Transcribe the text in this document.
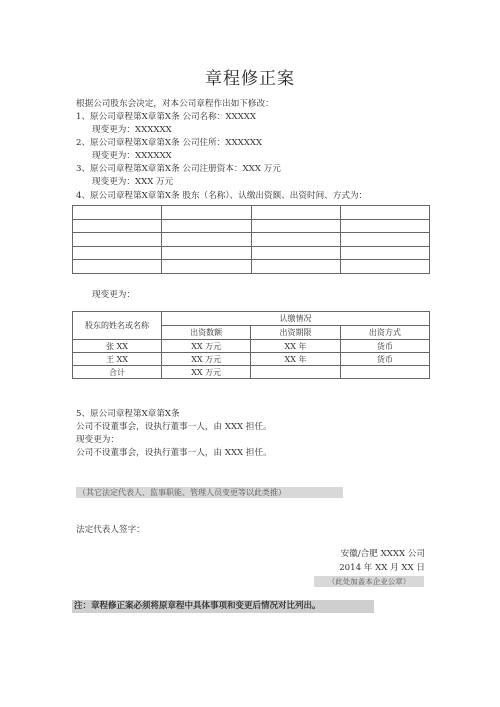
章程修正案
根据公司股东会决定，对本公司章程作出如下修改：
1、原公司章程第Ⅹ章第Ⅹ条 公司名称：XXXXX
现变更为：XXXXXX
2、原公司章程第Ⅹ章第Ⅹ条 公司住所：XXXXXX
现变更为：XXXXXX
3、原公司章程第Ⅹ章第Ⅹ条 公司注册资本：XXX 万元
现变更为：XXX 万元
4、原公司章程第Ⅹ章第Ⅹ条 股东（名称）、认缴出资额、出资时间、方式为：

现变更为：
股东的姓名或名称	认缴情况		
	出资数额	出资期限	出资方式
张 XX	XX 万元	XX 年	货币
王 XX	XX 万元	XX 年	货币
合计	XX 万元		
5、原公司章程第Ⅹ章第Ⅹ条
公司不设董事会，设执行董事一人，由 XXX 担任。
现变更为：
公司不设董事会，设执行董事一人，由 XXX 担任。
（其它法定代表人、监事职能、管理人员变更等以此类推）
法定代表人签字：
安徽/合肥 XXXX 公司
2014 年 XX 月 XX 日
（此处加盖本企业公章）
注：章程修正案必须将原章程中具体事项和变更后情况对比列出。
